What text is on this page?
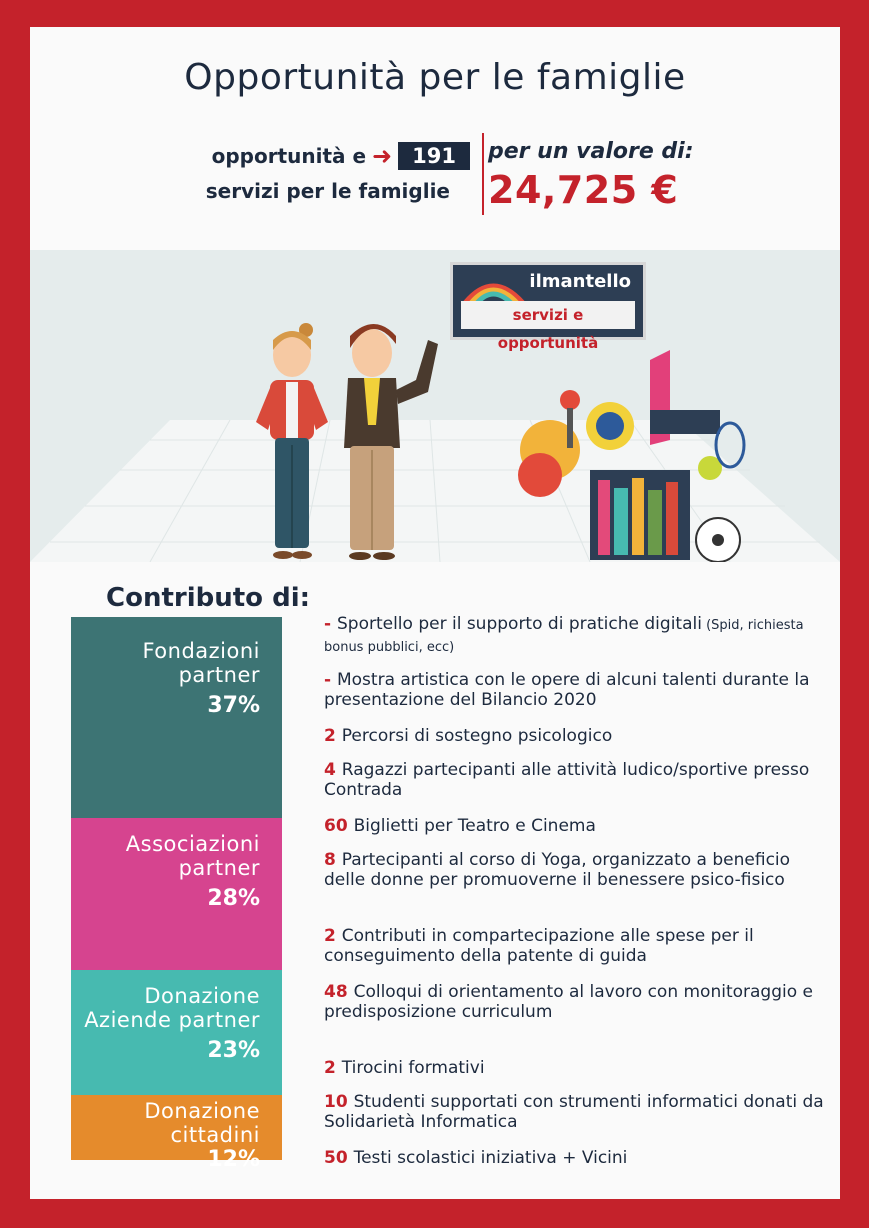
Opportunità per le famiglie
opportunità e ➜ 191
servizi per le famiglie
per un valore di:
24,725 €
ilmantello
servizi e opportunità
Contributo di:
Fondazioni partner
37%
Associazioni partner
28%
Donazione Aziende partner
23%
Donazione cittadini
12%
- Sportello per il supporto di pratiche digitali (Spid, richiesta bonus pubblici, ecc)
- Mostra artistica con le opere di alcuni talenti durante la presentazione del Bilancio 2020
2 Percorsi di sostegno psicologico
4 Ragazzi partecipanti alle attività ludico/sportive presso Contrada
60 Biglietti per Teatro e Cinema
8 Partecipanti al corso di Yoga, organizzato a beneficio delle donne per promuoverne il benessere psico-fisico
2 Contributi in compartecipazione alle spese per il conseguimento della patente di guida
48 Colloqui di orientamento al lavoro con monitoraggio e predisposizione curriculum
2 Tirocini formativi
10 Studenti supportati con strumenti informatici donati da Solidarietà Informatica
50 Testi scolastici iniziativa + Vicini
